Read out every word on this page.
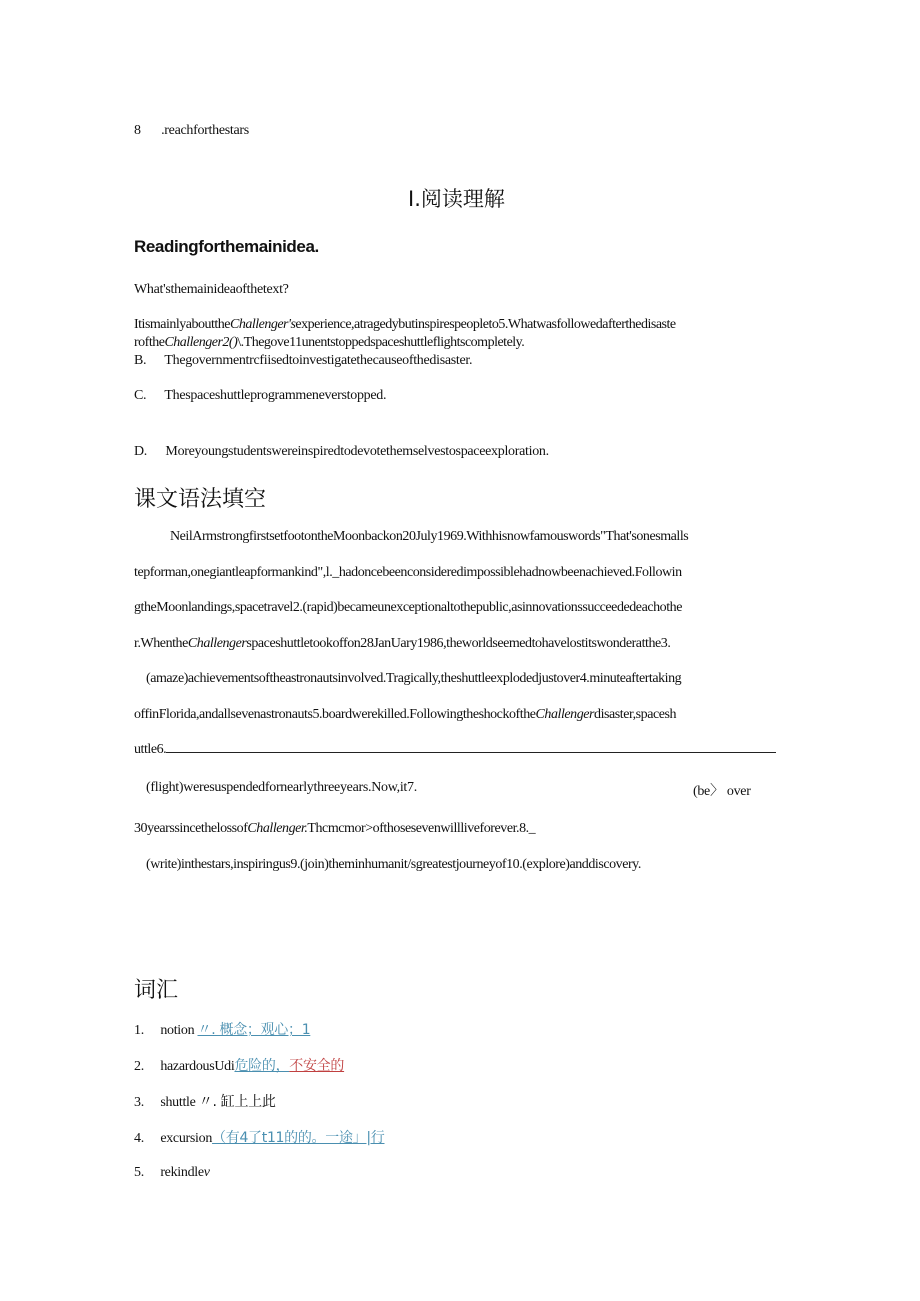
8 .reachforthestars
I.阅读理解
Readingforthemainidea.
What'sthemainideaofthetext?
ItismainlyabouttheChallenger'sexperience,atragedybutinspirespeopleto5.Whatwasfollowedafterthedisaste
roftheChallenger2()\.Thegove11unentstoppedspaceshuttleflightscompletely.
B. Thegovernmentrcfiisedtoinvestigatethecauseofthedisaster.
C. Thespaceshuttleprogrammeneverstopped.
D. Moreyoungstudentswereinspiredtodevotethemselvestospaceexploration.
课文语法填空
NeilArmstrongfirstsetfootontheMoonbackon20July1969.Withhisnowfamouswords"That'sonesmalls
tepforman,onegiantleapformankind",l._hadoncebeenconsideredimpossiblehadnowbeenachieved.Followin
gtheMoonlandings,spacetravel2.(rapid)becameunexceptionaltothepublic,asinnovationssucceededeachothe
r.WhentheChallengerspaceshuttletookoffon28JanUary1986,theworldseemedtohavelostitswonderatthe3.
(amaze)achievementsoftheastronautsinvolved.Tragically,theshuttleexplodedjustover4.minuteaftertaking
offinFlorida,andallsevenastronauts5.boardwerekilled.FollowingtheshockoftheChallengerdisaster,spacesh
uttle6.
(flight)weresuspendedfornearlythreeyears.Now,it7.	(be〉 over
30yearssincethelossofChallenger.Thcmcmor>ofthosesevenwillliveforever.8._
(write)inthestars,inspiringus9.(join)theminhumanit/sgreatestjourneyof10.(explore)anddiscovery.
词汇
1. notion 〃. 概念；观心；1
2. hazardousUdi危险的，不安全的
3. shuttle 〃. 缸上上此
4. excursion（有4了t11的的。一途」|行
5. rekindlev
